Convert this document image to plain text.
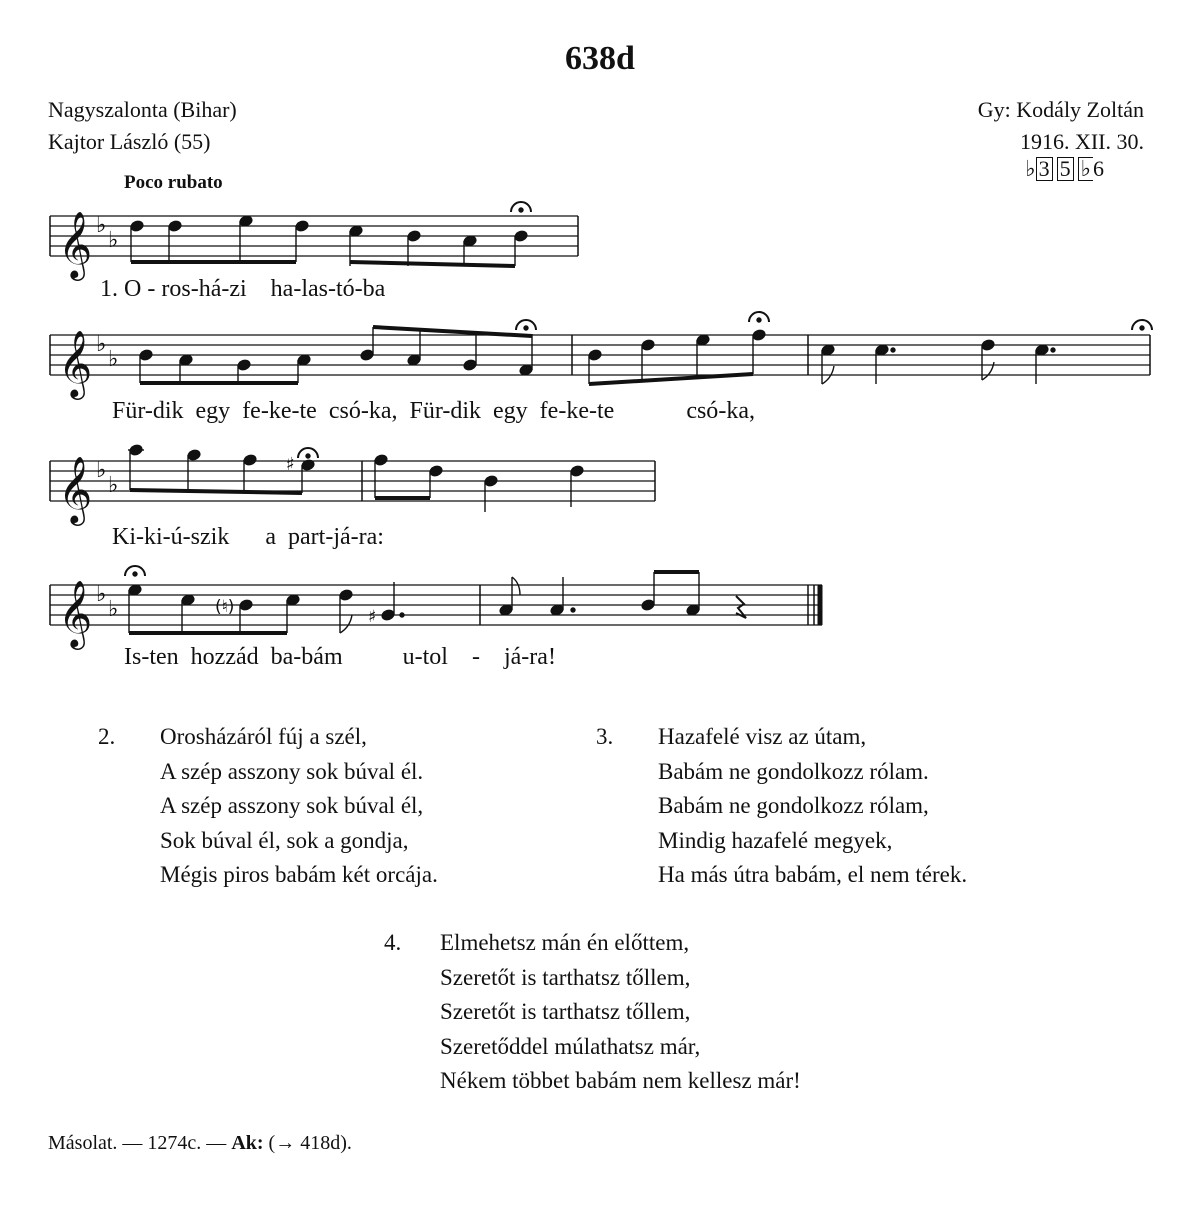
638d
Nagyszalonta (Bihar)
Kajtor László (55)
Gy: Kodály Zoltán
1916. XII. 30.
♭ 3 5 ♭ 6
Poco rubato
𝄞 ♭
♭
𝄞 ♭
♭
𝄞 ♭
♭
𝄞 ♭
♭
♯
(♮)	♯
1. O - ros-há-zi ha-las-tó-ba
Für-dik egy fe-ke-te csó-ka, Für-dik egy fe-ke-te	csó-ka,
Ki-ki-ú-szik a part-já-ra:
Is-ten hozzád ba-bám	u-tol - já-ra!
2. Orosházáról fúj a szél,
A szép asszony sok búval él.
A szép asszony sok búval él,
Sok búval él, sok a gondja,
Mégis piros babám két orcája.
3. Hazafelé visz az útam,
Babám ne gondolkozz rólam.
Babám ne gondolkozz rólam,
Mindig hazafelé megyek,
Ha más útra babám, el nem térek.
4. Elmehetsz mán én előttem,
Szeretőt is tarthatsz tőllem,
Szeretőt is tarthatsz tőllem,
Szeretőddel múlathatsz már,
Nékem többet babám nem kellesz már!
Másolat. — 1274c. — Ak: (→ 418d).
